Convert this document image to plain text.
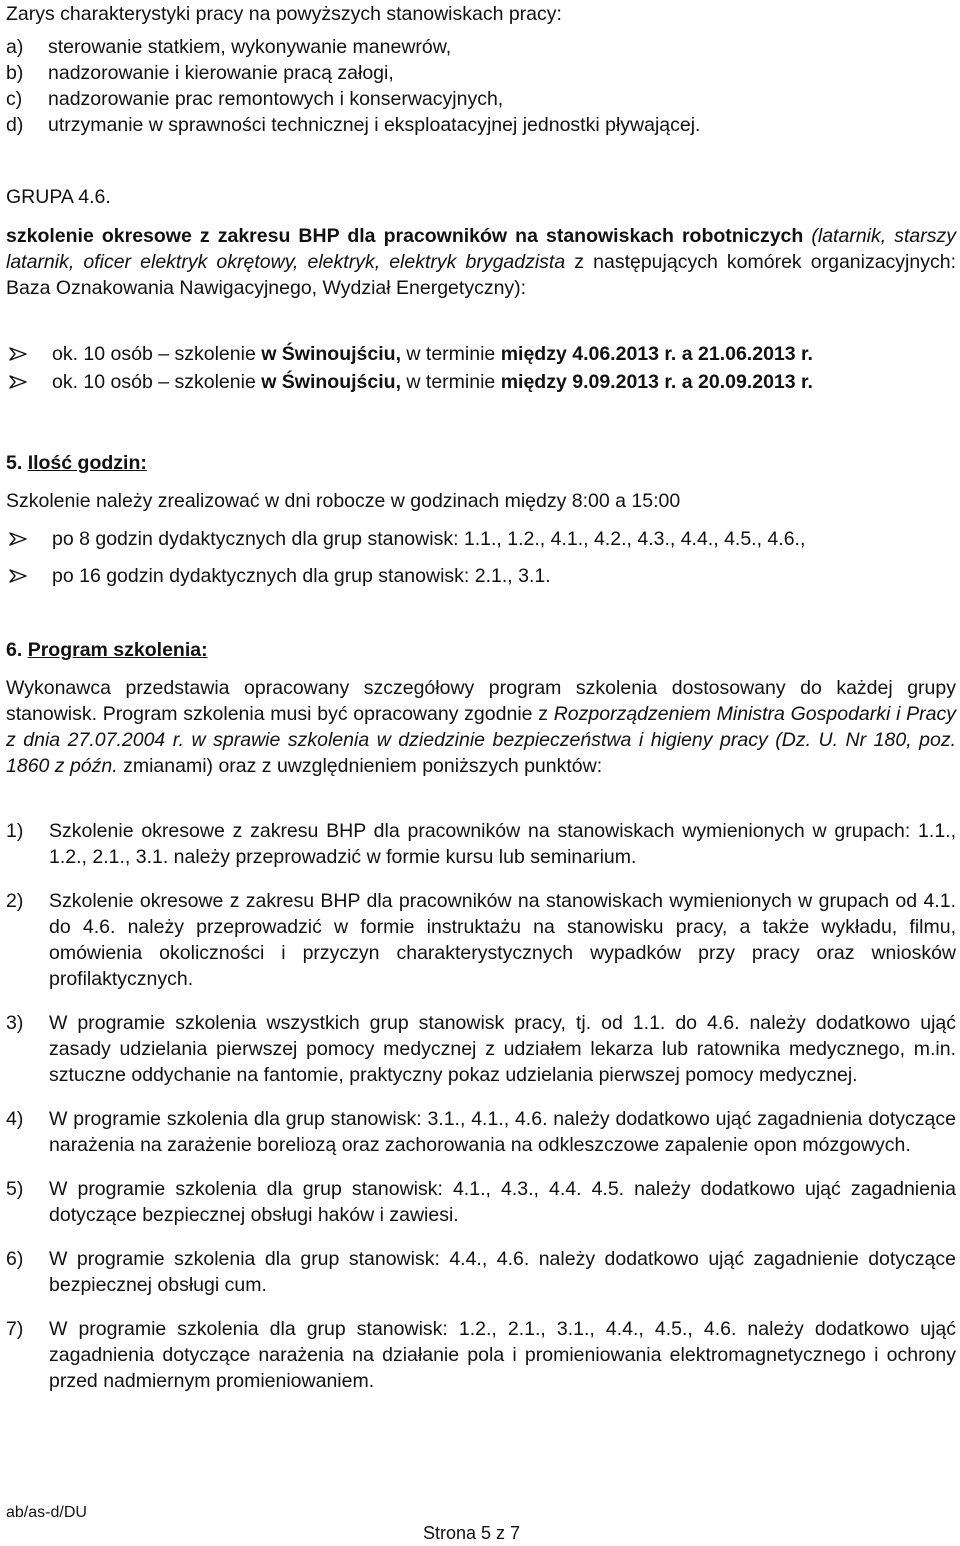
Zarys charakterystyki pracy na powyższych stanowiskach pracy:
a) sterowanie statkiem, wykonywanie manewrów,
b) nadzorowanie i kierowanie pracą załogi,
c) nadzorowanie prac remontowych i konserwacyjnych,
d) utrzymanie w sprawności technicznej i eksploatacyjnej jednostki pływającej.
GRUPA 4.6.
szkolenie okresowe z zakresu BHP dla pracowników na stanowiskach robotniczych (latarnik, starszy latarnik, oficer elektryk okrętowy, elektryk, elektryk brygadzista z następujących komórek organizacyjnych: Baza Oznakowania Nawigacyjnego, Wydział Energetyczny):
ok. 10 osób – szkolenie w Świnoujściu, w terminie między 4.06.2013 r. a 21.06.2013 r.
ok. 10 osób – szkolenie w Świnoujściu, w terminie między 9.09.2013 r. a 20.09.2013 r.
5. Ilość godzin:
Szkolenie należy zrealizować w dni robocze w godzinach między 8:00 a 15:00
po 8 godzin dydaktycznych dla grup stanowisk: 1.1., 1.2., 4.1., 4.2., 4.3., 4.4., 4.5., 4.6.,
po 16 godzin dydaktycznych dla grup stanowisk: 2.1., 3.1.
6. Program szkolenia:
Wykonawca przedstawia opracowany szczegółowy program szkolenia dostosowany do każdej grupy stanowisk. Program szkolenia musi być opracowany zgodnie z Rozporządzeniem Ministra Gospodarki i Pracy z dnia 27.07.2004 r. w sprawie szkolenia w dziedzinie bezpieczeństwa i higieny pracy (Dz. U. Nr 180, poz. 1860 z późn. zmianami) oraz z uwzględnieniem poniższych punktów:
1) Szkolenie okresowe z zakresu BHP dla pracowników na stanowiskach wymienionych w grupach: 1.1., 1.2., 2.1., 3.1. należy przeprowadzić w formie kursu lub seminarium.
2) Szkolenie okresowe z zakresu BHP dla pracowników na stanowiskach wymienionych w grupach od 4.1. do 4.6. należy przeprowadzić w formie instruktażu na stanowisku pracy, a także wykładu, filmu, omówienia okoliczności i przyczyn charakterystycznych wypadków przy pracy oraz wniosków profilaktycznych.
3) W programie szkolenia wszystkich grup stanowisk pracy, tj. od 1.1. do 4.6. należy dodatkowo ująć zasady udzielania pierwszej pomocy medycznej z udziałem lekarza lub ratownika medycznego, m.in. sztuczne oddychanie na fantomie, praktyczny pokaz udzielania pierwszej pomocy medycznej.
4) W programie szkolenia dla grup stanowisk: 3.1., 4.1., 4.6. należy dodatkowo ująć zagadnienia dotyczące narażenia na zarażenie boreliozą oraz zachorowania na odkleszczowe zapalenie opon mózgowych.
5) W programie szkolenia dla grup stanowisk: 4.1., 4.3., 4.4. 4.5. należy dodatkowo ująć zagadnienia dotyczące bezpiecznej obsługi haków i zawiesi.
6) W programie szkolenia dla grup stanowisk: 4.4., 4.6. należy dodatkowo ująć zagadnienie dotyczące bezpiecznej obsługi cum.
7) W programie szkolenia dla grup stanowisk: 1.2., 2.1., 3.1., 4.4., 4.5., 4.6. należy dodatkowo ująć zagadnienia dotyczące narażenia na działanie pola i promieniowania elektromagnetycznego i ochrony przed nadmiernym promieniowaniem.
ab/as-d/DU
Strona 5 z 7
